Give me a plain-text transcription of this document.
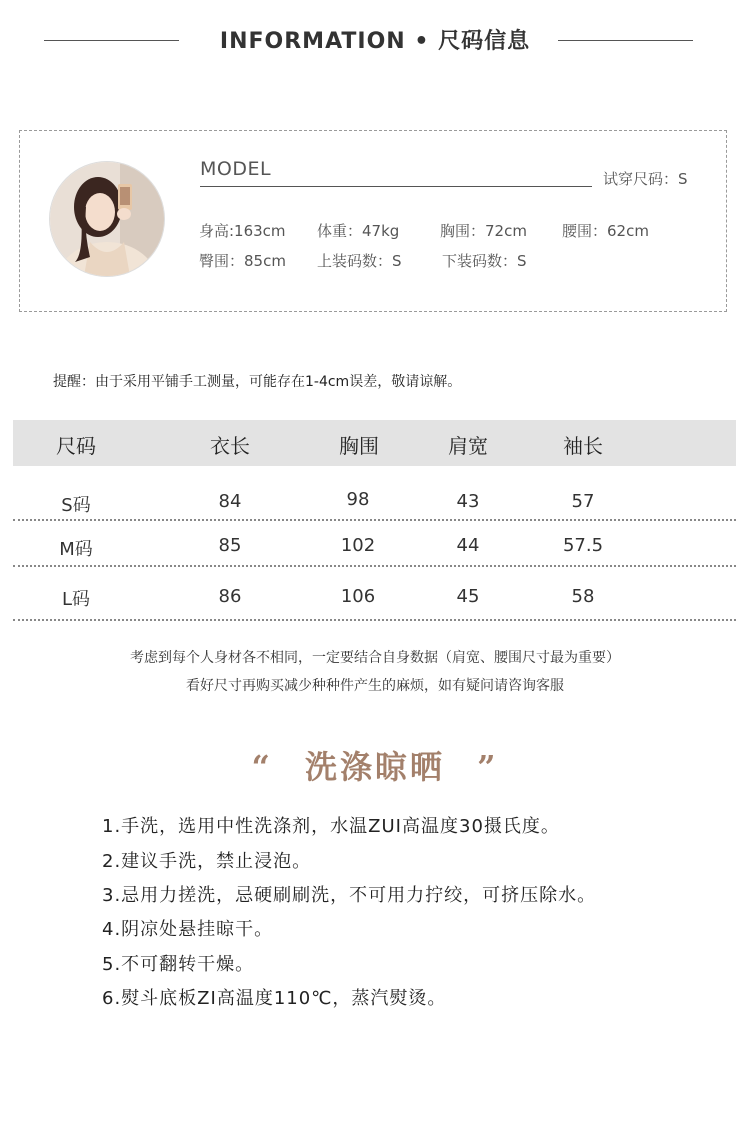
INFORMATION • 尺码信息
MODEL	试穿尺码：S
身高:163cm 体重：47kg	胸围：72cm 腰围：62cm
臀围：85cm 上装码数：S	下装码数：S
提醒：由于采用平铺手工测量，可能存在1-4cm误差，敬请谅解。
尺码	衣长	胸围	肩宽	袖长
S码	84	98	43	57
M码	85	102	44	57.5
L码	86	106	45	58
考虑到每个人身材各不相同，一定要结合自身数据（肩宽、腰围尺寸最为重要）
看好尺寸再购买减少种种件产生的麻烦，如有疑问请咨询客服
“ 洗涤晾晒 ”
1.手洗，选用中性洗涤剂，水温ZUI高温度30摄氏度。
2.建议手洗，禁止浸泡。
3.忌用力搓洗，忌硬刷刷洗，不可用力拧绞，可挤压除水。
4.阴凉处悬挂晾干。
5.不可翻转干燥。
6.熨斗底板ZI高温度110℃，蒸汽熨烫。
